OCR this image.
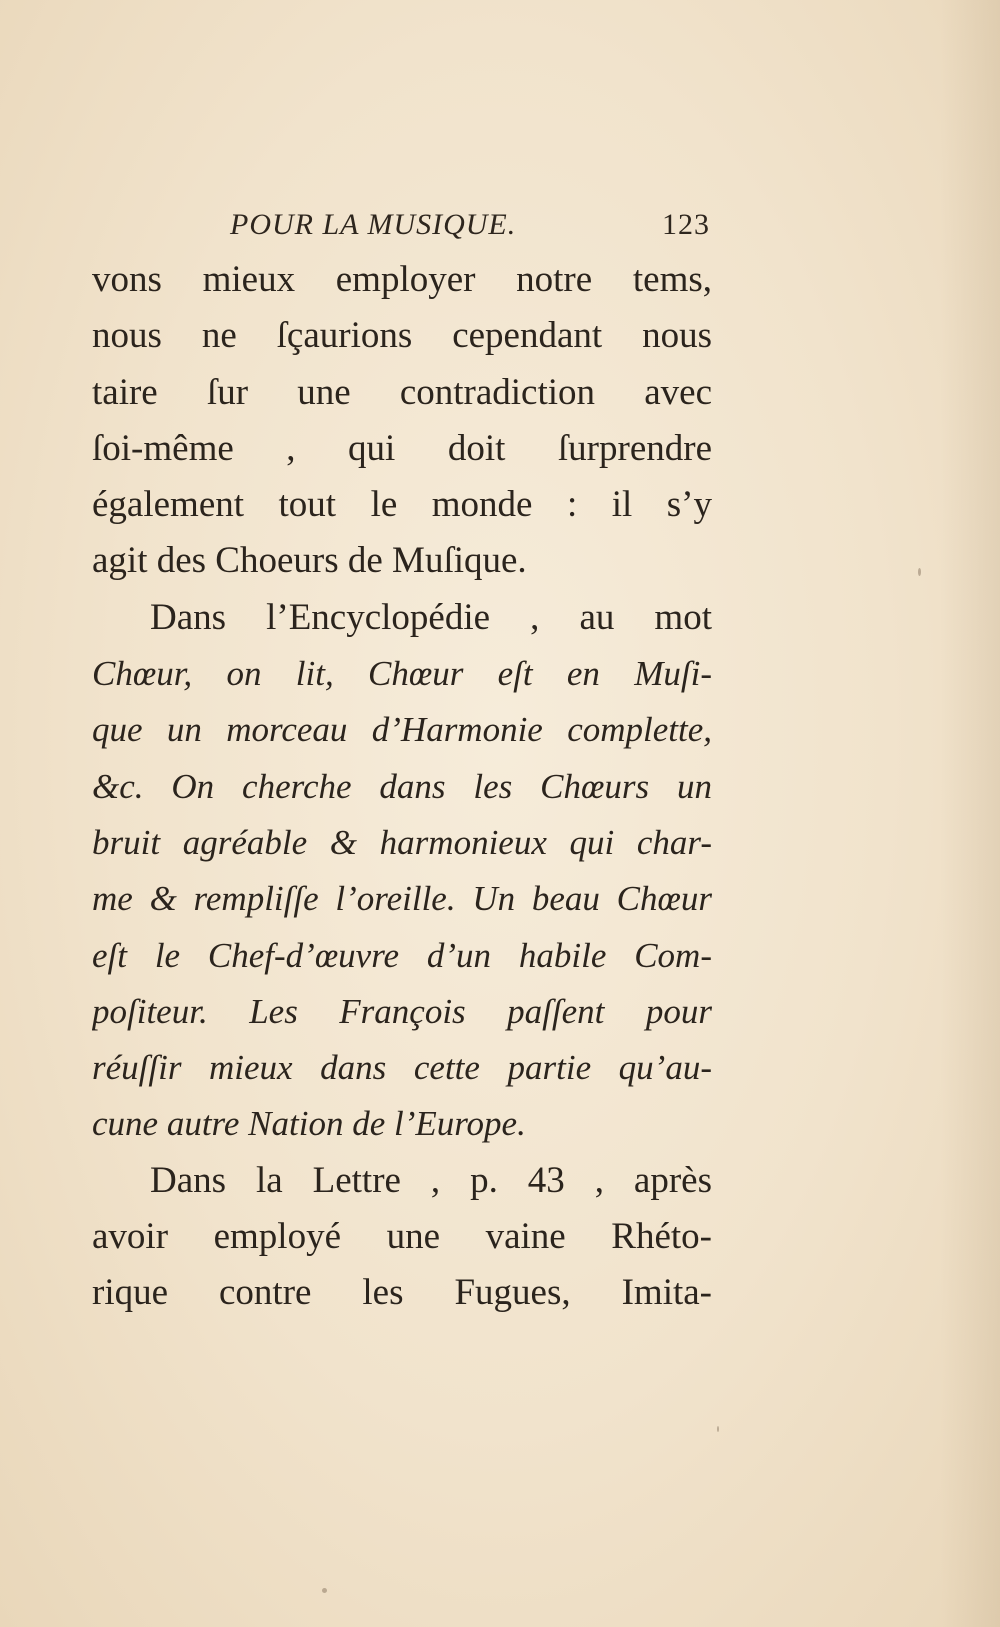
POUR LA MUSIQUE.	123
vons mieux employer notre tems,
nous ne ſçaurions cependant nous
taire ſur une contradiction avec
ſoi-même , qui doit ſurprendre
également tout le monde : il s’y
agit des Choeurs de Muſique.
Dans l’Encyclopédie , au mot
Chœur, on lit, Chœur eſt en Muſi-
que un morceau d’Harmonie complette,
&c. On cherche dans les Chœurs un
bruit agréable & harmonieux qui char-
me & rempliſſe l’oreille. Un beau Chœur
eſt le Chef-d’œuvre d’un habile Com-
poſiteur. Les François paſſent pour
réuſſir mieux dans cette partie qu’au-
cune autre Nation de l’Europe.
Dans la Lettre , p. 43 , après
avoir employé une vaine Rhéto-
rique contre les Fugues, Imita-
